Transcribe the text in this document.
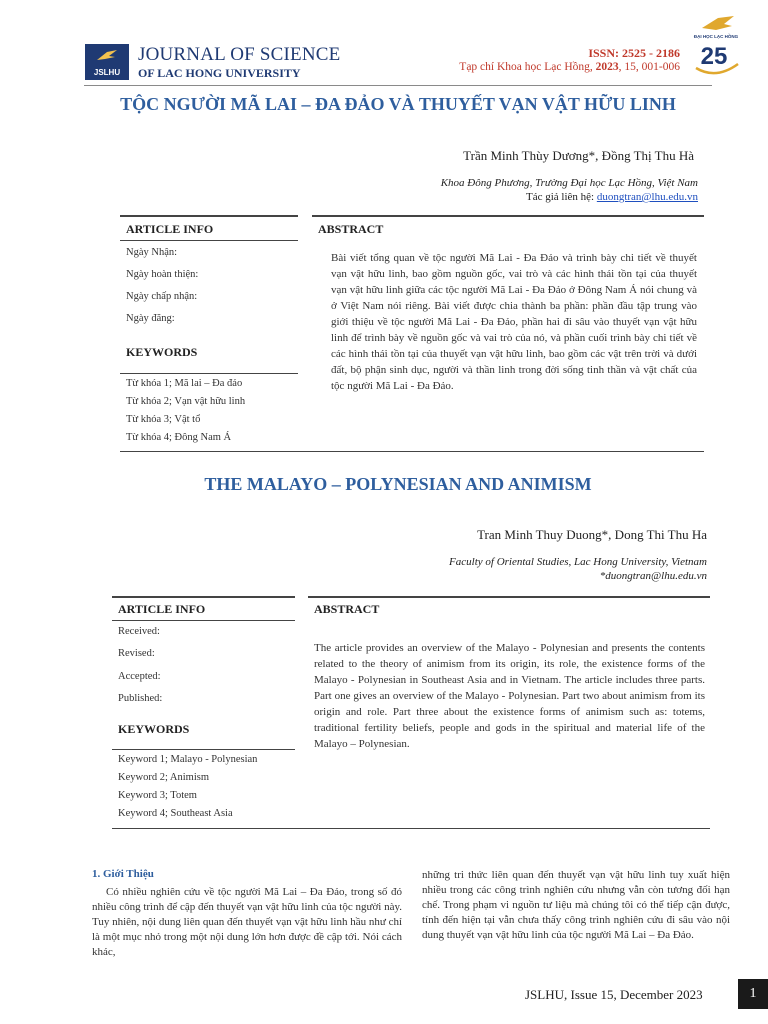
JSLHU
JOURNAL OF SCIENCE
OF LAC HONG UNIVERSITY
ISSN: 2525 - 2186
Tạp chí Khoa học Lạc Hồng, 2023, 15, 001-006
ĐẠI HỌC LẠC HỒNG
25
TỘC NGƯỜI MÃ LAI – ĐA ĐẢO VÀ THUYẾT VẠN VẬT HỮU LINH
Trần Minh Thùy Dương*, Đồng Thị Thu Hà
Khoa Đông Phương, Trường Đại học Lạc Hồng, Việt Nam
Tác giả liên hệ: duongtran@lhu.edu.vn
ARTICLE INFO	ABSTRACT
Ngày Nhận:
Ngày hoàn thiện:
Ngày chấp nhận:
Ngày đăng:
KEYWORDS
Từ khóa 1; Mã lai – Đa đảo
Từ khóa 2; Vạn vật hữu linh
Từ khóa 3; Vật tổ
Từ khóa 4; Đông Nam Á
Bài viết tổng quan về tộc người Mã Lai - Đa Đảo và trình bày chi tiết về thuyết vạn vật hữu linh, bao gồm nguồn gốc, vai trò và các hình thái tồn tại của thuyết vạn vật hữu linh giữa các tộc người Mã Lai - Đa Đảo ở Đông Nam Á nói chung và ở Việt Nam nói riêng. Bài viết được chia thành ba phần: phần đầu tập trung vào giới thiệu về tộc người Mã Lai - Đa Đảo, phần hai đi sâu vào thuyết vạn vật hữu linh để trình bày về nguồn gốc và vai trò của nó, và phần cuối trình bày chi tiết về các hình thái tồn tại của thuyết vạn vật hữu linh, bao gồm các vật trên trời và dưới đất, bộ phận sinh dục, người và thần linh trong đời sống tinh thần và vật chất của tộc người Mã Lai - Đa Đảo.
THE MALAYO – POLYNESIAN AND ANIMISM
Tran Minh Thuy Duong*, Dong Thi Thu Ha
Faculty of Oriental Studies, Lac Hong University, Vietnam
*duongtran@lhu.edu.vn
ARTICLE INFO	ABSTRACT
Received:
Revised:
Accepted:
Published:
KEYWORDS
Keyword 1; Malayo - Polynesian
Keyword 2; Animism
Keyword 3; Totem
Keyword 4; Southeast Asia
The article provides an overview of the Malayo - Polynesian and presents the contents related to the theory of animism from its origin, its role, the existence forms of the Malayo - Polynesian in Southeast Asia and in Vietnam. The article includes three parts. Part one gives an overview of the Malayo - Polynesian. Part two about animism from its origin and role. Part three about the existence forms of animism such as: totems, traditional fertility beliefs, people and gods in the spiritual and material life of the Malayo – Polynesian.
1. Giới Thiệu
Có nhiều nghiên cứu về tộc người Mã Lai – Đa Đảo, trong số đó nhiều công trình để cập đến thuyết vạn vật hữu linh của tộc người này. Tuy nhiên, nội dung liên quan đến thuyết vạn vật hữu linh hầu như chỉ là một mục nhỏ trong một nội dung lớn hơn được đề cập tới. Nói cách khác,
những tri thức liên quan đến thuyết vạn vật hữu linh tuy xuất hiện nhiều trong các công trình nghiên cứu nhưng vẫn còn tương đối hạn chế. Trong phạm vi nguồn tư liệu mà chúng tôi có thể tiếp cận được, tính đến hiện tại vẫn chưa thấy công trình nghiên cứu đi sâu vào nội dung thuyết vạn vật hữu linh của tộc người Mã Lai – Đa Đảo.
JSLHU, Issue 15, December 2023	1
